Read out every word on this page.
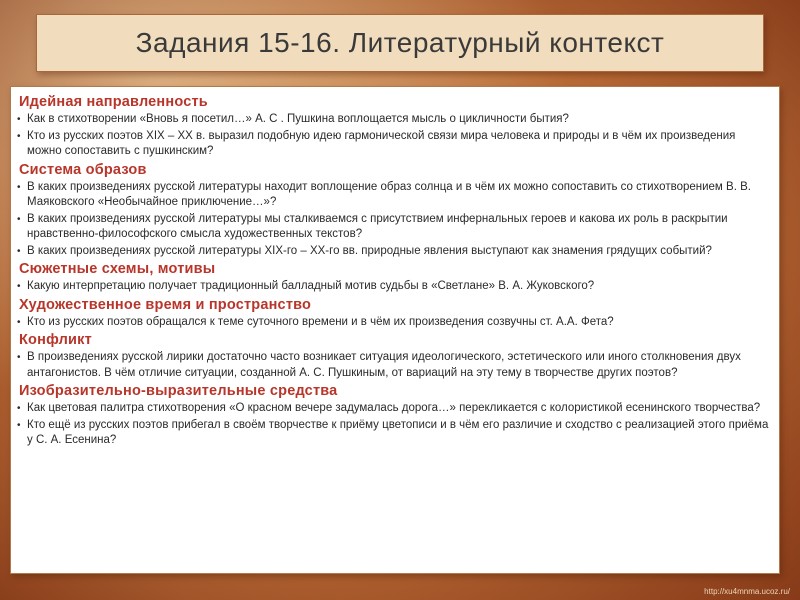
Задания 15-16. Литературный контекст
Идейная направленность
• Как в стихотворении «Вновь я посетил…» А. С . Пушкина воплощается мысль о цикличности бытия?
• Кто из русских поэтов XIX – XX в. выразил подобную идею гармонической связи мира человека и природы и в чём их произведения можно сопоставить с пушкинским?
Система образов
• В каких произведениях русской литературы находит воплощение образ солнца и в чём их можно сопоставить со стихотворением В. В. Маяковского «Необычайное приключение…»?
• В каких произведениях русской литературы мы сталкиваемся с присутствием инфернальных героев и какова их роль в раскрытии нравственно-философского смысла художественных текстов?
• В каких произведениях русской литературы XIX-го – XX-го вв. природные явления выступают как знамения грядущих событий?
Сюжетные схемы, мотивы
• Какую интерпретацию получает традиционный балладный мотив судьбы в «Светлане» В. А. Жуковского?
Художественное время и пространство
• Кто из русских поэтов обращался к теме суточного времени и в чём их произведения созвучны ст. А.А. Фета?
Конфликт
• В произведениях русской лирики достаточно часто возникает ситуация идеологического, эстетического или иного столкновения двух антагонистов. В чём отличие ситуации, созданной А. С. Пушкиным, от вариаций на эту тему в творчестве других поэтов?
Изобразительно-выразительные средства
• Как цветовая палитра стихотворения «О красном вечере задумалась дорога…» перекликается с колористикой есенинского творчества?
• Кто ещё из русских поэтов прибегал в своём творчестве к приёму цветописи и в чём его различие и сходство с реализацией этого приёма у С. А. Есенина?
http://xu4mnma.ucoz.ru/
